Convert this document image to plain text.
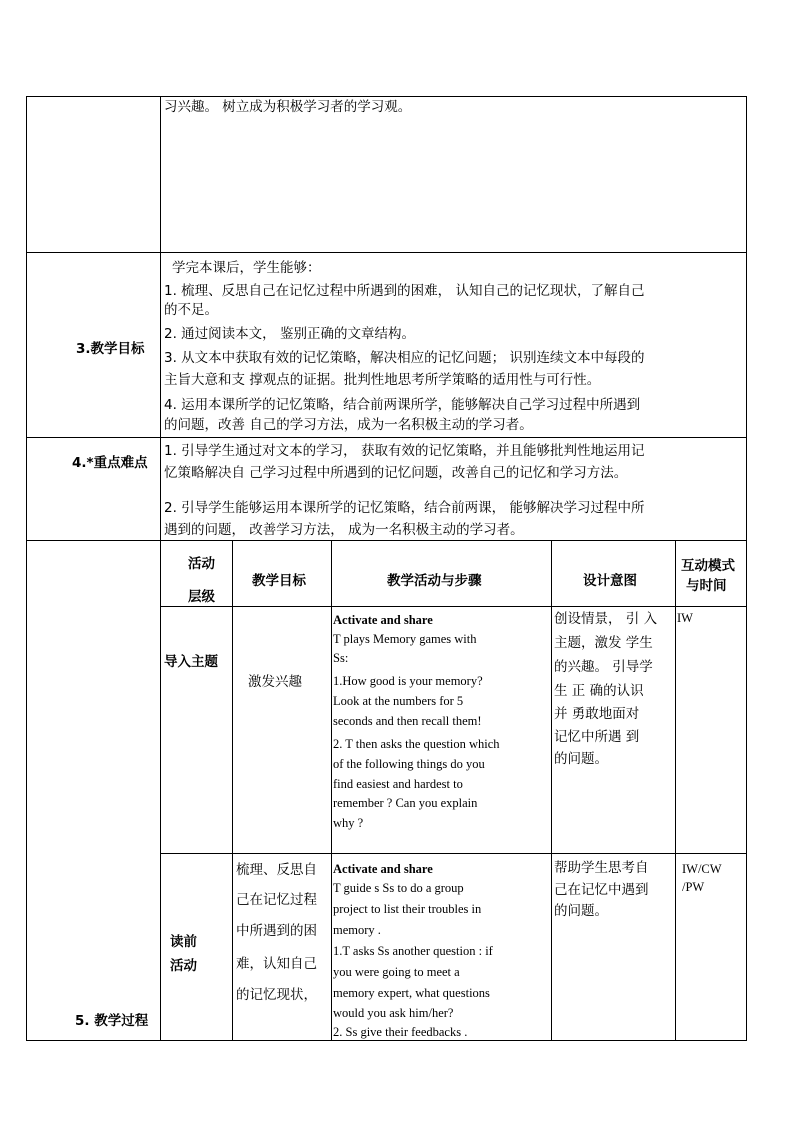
习兴趣。 树立成为积极学习者的学习观。
3.教学目标
学完本课后，学生能够：
1. 梳理、反思自己在记忆过程中所遇到的困难， 认知自己的记忆现状，了解自己
的不足。
2. 通过阅读本文， 鉴别正确的文章结构。
3. 从文本中获取有效的记忆策略，解决相应的记忆问题； 识别连续文本中每段的
主旨大意和支 撑观点的证据。批判性地思考所学策略的适用性与可行性。
4. 运用本课所学的记忆策略，结合前两课所学，能够解决自己学习过程中所遇到
的问题，改善 自己的学习方法，成为一名积极主动的学习者。
4.*重点难点
1. 引导学生通过对文本的学习， 获取有效的记忆策略，并且能够批判性地运用记
忆策略解决自 己学习过程中所遇到的记忆问题，改善自己的记忆和学习方法。
2. 引导学生能够运用本课所学的记忆策略，结合前两课， 能够解决学习过程中所
遇到的问题， 改善学习方法， 成为一名积极主动的学习者。
5. 教学过程
活动
层级
教学目标	教学活动与步骤	设计意图
互动模式
与时间
导入主题
激发兴趣
Activate and share
T plays Memory games with
Ss:
1.How good is your memory?
Look at the numbers for 5
seconds and then recall them!
2. T then asks the question which
of the following things do you
find easiest and hardest to
remember ? Can you explain
why ?
创设情景， 引 入
主题，激发 学生
的兴趣。 引导学
生 正 确的认识
并 勇敢地面对
记忆中所遇 到
的问题。
IW
读前
活动
梳理、反思自
己在记忆过程
中所遇到的困
难，认知自己
的记忆现状，
Activate and share
T guide s Ss to do a group
project to list their troubles in
memory .
1.T asks Ss another question : if
you were going to meet a
memory expert, what questions
would you ask him/her?
2. Ss give their feedbacks .
帮助学生思考自
己在记忆中遇到
的问题。
IW/CW
/PW
